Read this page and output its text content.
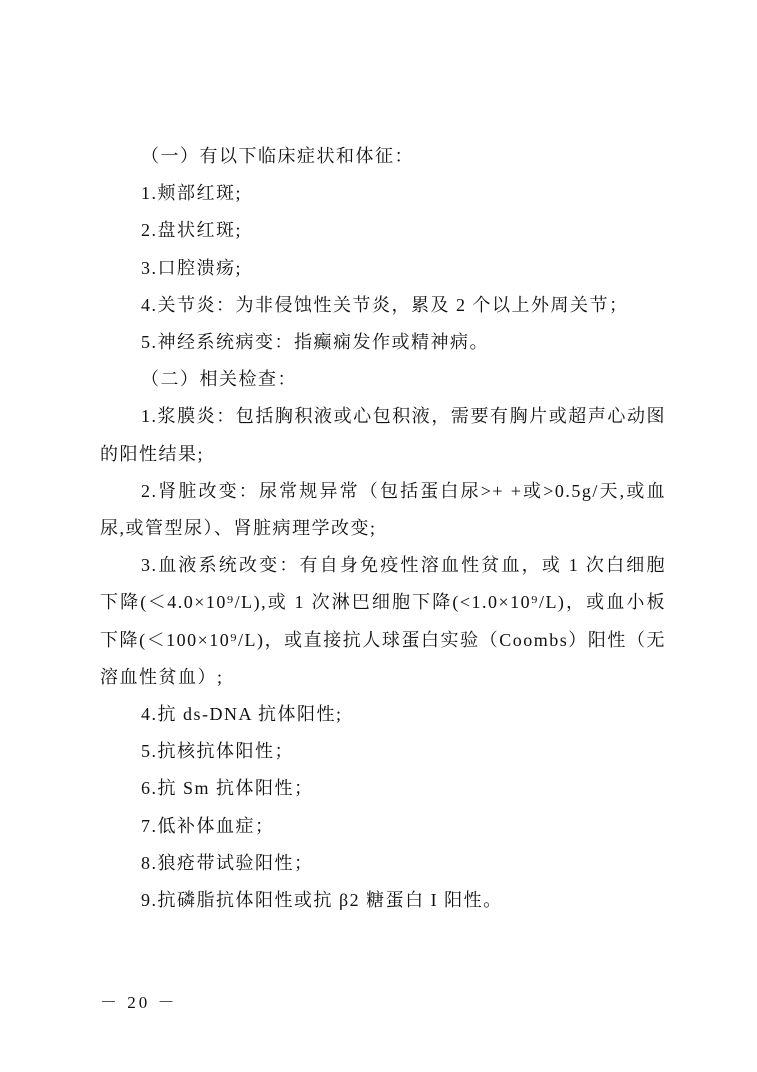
（一）有以下临床症状和体征：

1.颊部红斑;

2.盘状红斑;

3.口腔溃疡;

4.关节炎：为非侵蚀性关节炎，累及 2 个以上外周关节；

5.神经系统病变：指癫痫发作或精神病。

（二）相关检查：

1.浆膜炎：包括胸积液或心包积液，需要有胸片或超声心动图的阳性结果;

2.肾脏改变：尿常规异常（包括蛋白尿>+ +或>0.5g/天,或血尿,或管型尿）、肾脏病理学改变;

3.血液系统改变：有自身免疫性溶血性贫血，或 1 次白细胞下降(＜4.0×10⁹/L),或 1 次淋巴细胞下降(<1.0×10⁹/L)，或血小板下降(＜100×10⁹/L)，或直接抗人球蛋白实验（Coombs）阳性（无溶血性贫血）;

4.抗 ds-DNA 抗体阳性;

5.抗核抗体阳性；

6.抗 Sm 抗体阳性；

7.低补体血症；

8.狼疮带试验阳性；

9.抗磷脂抗体阳性或抗 β2 糖蛋白 I 阳性。

－ 20 －
